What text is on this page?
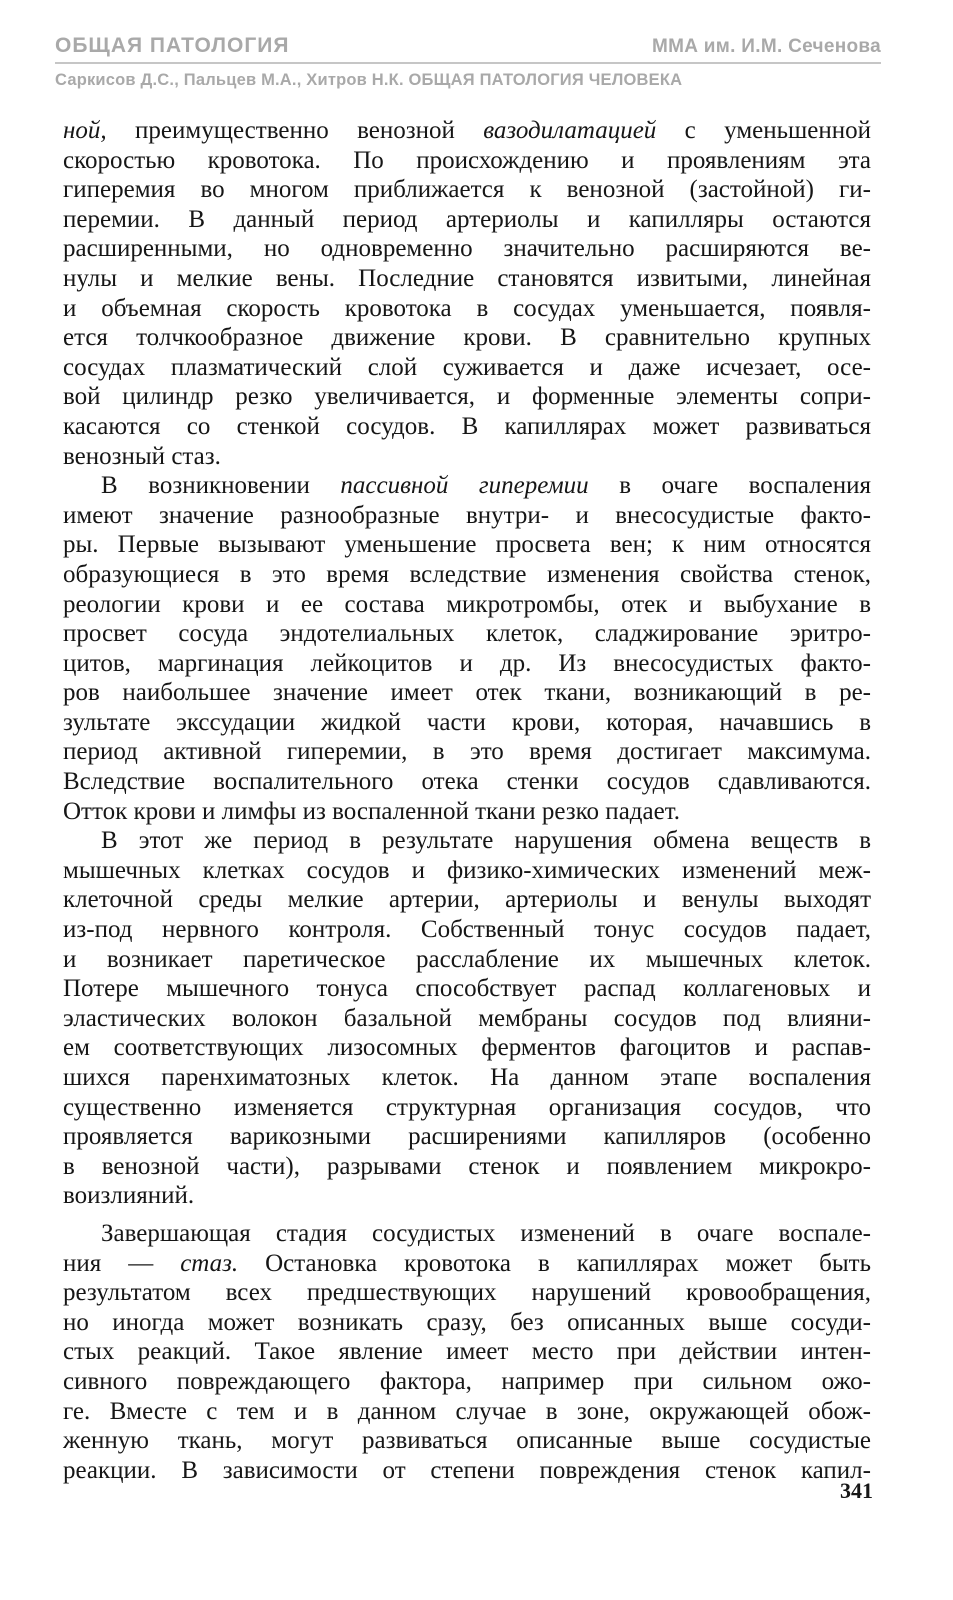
ОБЩАЯ ПАТОЛОГИЯ	ММА им. И.М. Сеченова
Саркисов Д.С., Пальцев М.А., Хитров Н.К. ОБЩАЯ ПАТОЛОГИЯ ЧЕЛОВЕКА
ной, преимущественно венозной вазодилатацией с уменьшенной
скоростью кровотока. По происхождению и проявлениям эта
гиперемия во многом приближается к венозной (застойной) ги-
перемии. В данный период артериолы и капилляры остаются
расширенными, но одновременно значительно расширяются ве-
нулы и мелкие вены. Последние становятся извитыми, линейная
и объемная скорость кровотока в сосудах уменьшается, появля-
ется толчкообразное движение крови. В сравнительно крупных
сосудах плазматический слой суживается и даже исчезает, осе-
вой цилиндр резко увеличивается, и форменные элементы сопри-
касаются со стенкой сосудов. В капиллярах может развиваться
венозный стаз.
В возникновении пассивной гиперемии в очаге воспаления
имеют значение разнообразные внутри- и внесосудистые факто-
ры. Первые вызывают уменьшение просвета вен; к ним относятся
образующиеся в это время вследствие изменения свойства стенок,
реологии крови и ее состава микротромбы, отек и выбухание в
просвет сосуда эндотелиальных клеток, сладжирование эритро-
цитов, маргинация лейкоцитов и др. Из внесосудистых факто-
ров наибольшее значение имеет отек ткани, возникающий в ре-
зультате экссудации жидкой части крови, которая, начавшись в
период активной гиперемии, в это время достигает максимума.
Вследствие воспалительного отека стенки сосудов сдавливаются.
Отток крови и лимфы из воспаленной ткани резко падает.
В этот же период в результате нарушения обмена веществ в
мышечных клетках сосудов и физико-химических изменений меж-
клеточной среды мелкие артерии, артериолы и венулы выходят
из-под нервного контроля. Собственный тонус сосудов падает,
и возникает паретическое расслабление их мышечных клеток.
Потере мышечного тонуса способствует распад коллагеновых и
эластических волокон базальной мембраны сосудов под влияни-
ем соответствующих лизосомных ферментов фагоцитов и распав-
шихся паренхиматозных клеток. На данном этапе воспаления
существенно изменяется структурная организация сосудов, что
проявляется варикозными расширениями капилляров (особенно
в венозной части), разрывами стенок и появлением микрокро-
воизлияний.
Завершающая стадия сосудистых изменений в очаге воспале-
ния — стаз. Остановка кровотока в капиллярах может быть
результатом всех предшествующих нарушений кровообращения,
но иногда может возникать сразу, без описанных выше сосуди-
стых реакций. Такое явление имеет место при действии интен-
сивного повреждающего фактора, например при сильном ожо-
ге. Вместе с тем и в данном случае в зоне, окружающей обож-
женную ткань, могут развиваться описанные выше сосудистые
реакции. В зависимости от степени повреждения стенок капил-
341
